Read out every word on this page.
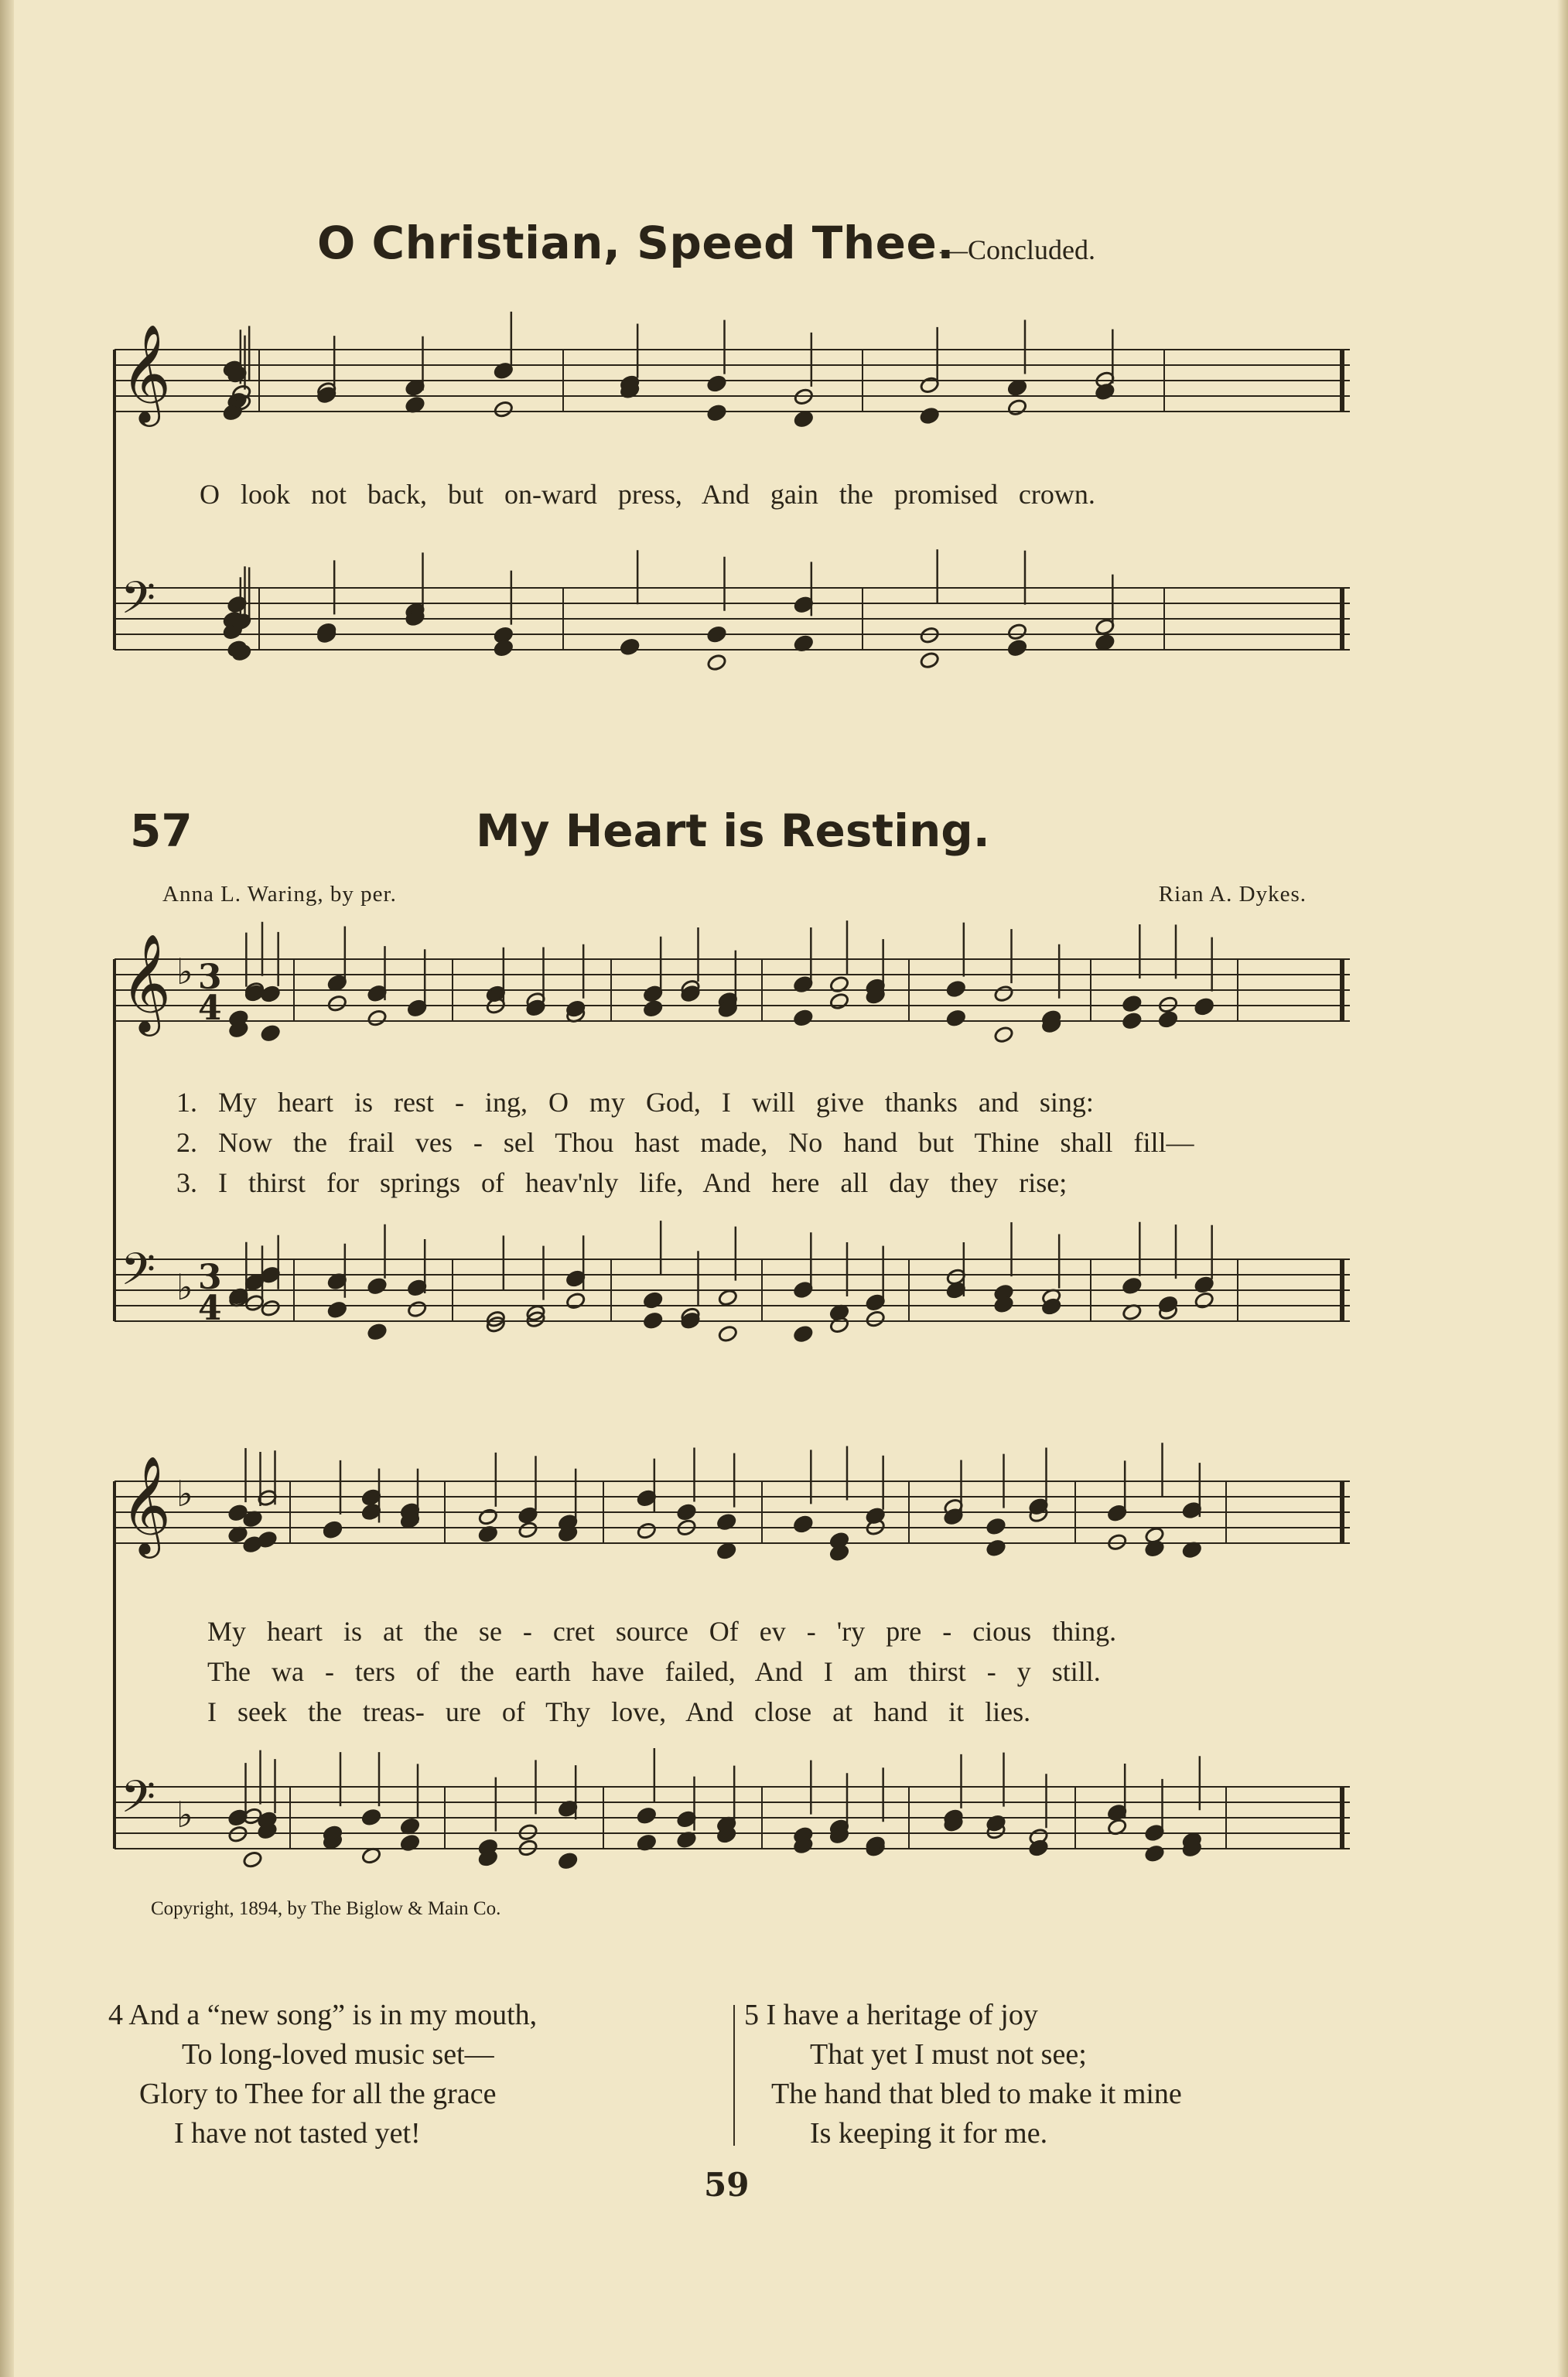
O Christian, Speed Thee.
—Concluded.
𝄞
𝄢
𝄞 ♭ 3
4
𝄢 ♭ 3
4
𝄞 ♭
𝄢 ♭
O look not back, but on-ward press, And gain the promised crown.
57	My Heart is Resting.
Anna L. Waring, by per.	Rian A. Dykes.
1. My heart is rest - ing, O my God, I will give thanks and sing:
2. Now the frail ves - sel Thou hast made, No hand but Thine shall fill—
3. I thirst for springs of heav'nly life, And here all day they rise;
My heart is at the se - cret source Of ev - 'ry pre - cious thing.
The wa - ters of the earth have failed, And I am thirst - y still.
I seek the treas- ure of Thy love, And close at hand it lies.
Copyright, 1894, by The Biglow & Main Co.
4 And a “new song” is in my mouth,
To long-loved music set—
Glory to Thee for all the grace
I have not tasted yet!
5 I have a heritage of joy
That yet I must not see;
The hand that bled to make it mine
Is keeping it for me.
59
